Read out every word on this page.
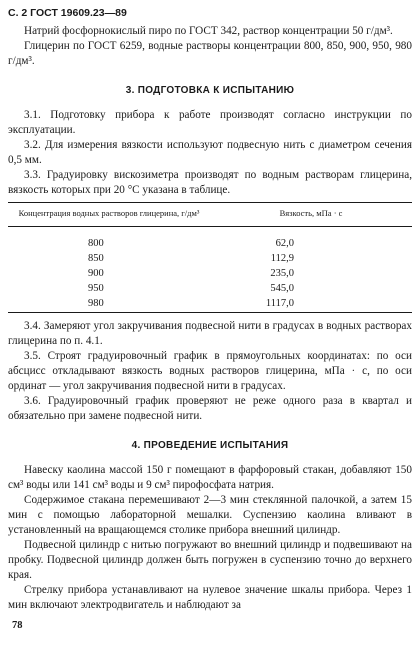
С. 2 ГОСТ 19609.23—89

Натрий фосфорнокислый пиро по ГОСТ 342, раствор концентрации 50 г/дм³.

Глицерин по ГОСТ 6259, водные растворы концентрации 800, 850, 900, 950, 980 г/дм³.

3. ПОДГОТОВКА К ИСПЫТАНИЮ

3.1. Подготовку прибора к работе производят согласно инструкции по эксплуатации.

3.2. Для измерения вязкости используют подвесную нить с диаметром сечения 0,5 мм.

3.3. Градуировку вискозиметра производят по водным растворам глицерина, вязкость которых при 20 °С указана в таблице.

Концентрация водных растворов глицерина, г/дм³	Вязкость, мПа · с
800	62,0
850	112,9
900	235,0
950	545,0
980	1117,0

3.4. Замеряют угол закручивания подвесной нити в градусах в водных растворах глицерина по п. 4.1.

3.5. Строят градуировочный график в прямоугольных координатах: по оси абсцисс откладывают вязкость водных растворов глицерина, мПа · с, по оси ординат — угол закручивания подвесной нити в градусах.

3.6. Градуировочный график проверяют не реже одного раза в квартал и обязательно при замене подвесной нити.

4. ПРОВЕДЕНИЕ ИСПЫТАНИЯ

Навеску каолина массой 150 г помещают в фарфоровый стакан, добавляют 150 см³ воды или 141 см³ воды и 9 см³ пирофосфата натрия.

Содержимое стакана перемешивают 2—3 мин стеклянной палочкой, а затем 15 мин с помощью лабораторной мешалки. Суспензию каолина вливают в установленный на вращающемся столике прибора внешний цилиндр.

Подвесной цилиндр с нитью погружают во внешний цилиндр и подвешивают на пробку. Подвесной цилиндр должен быть погружен в суспензию точно до верхнего края.

Стрелку прибора устанавливают на нулевое значение шкалы прибора. Через 1 мин включают электродвигатель и наблюдают за

78
